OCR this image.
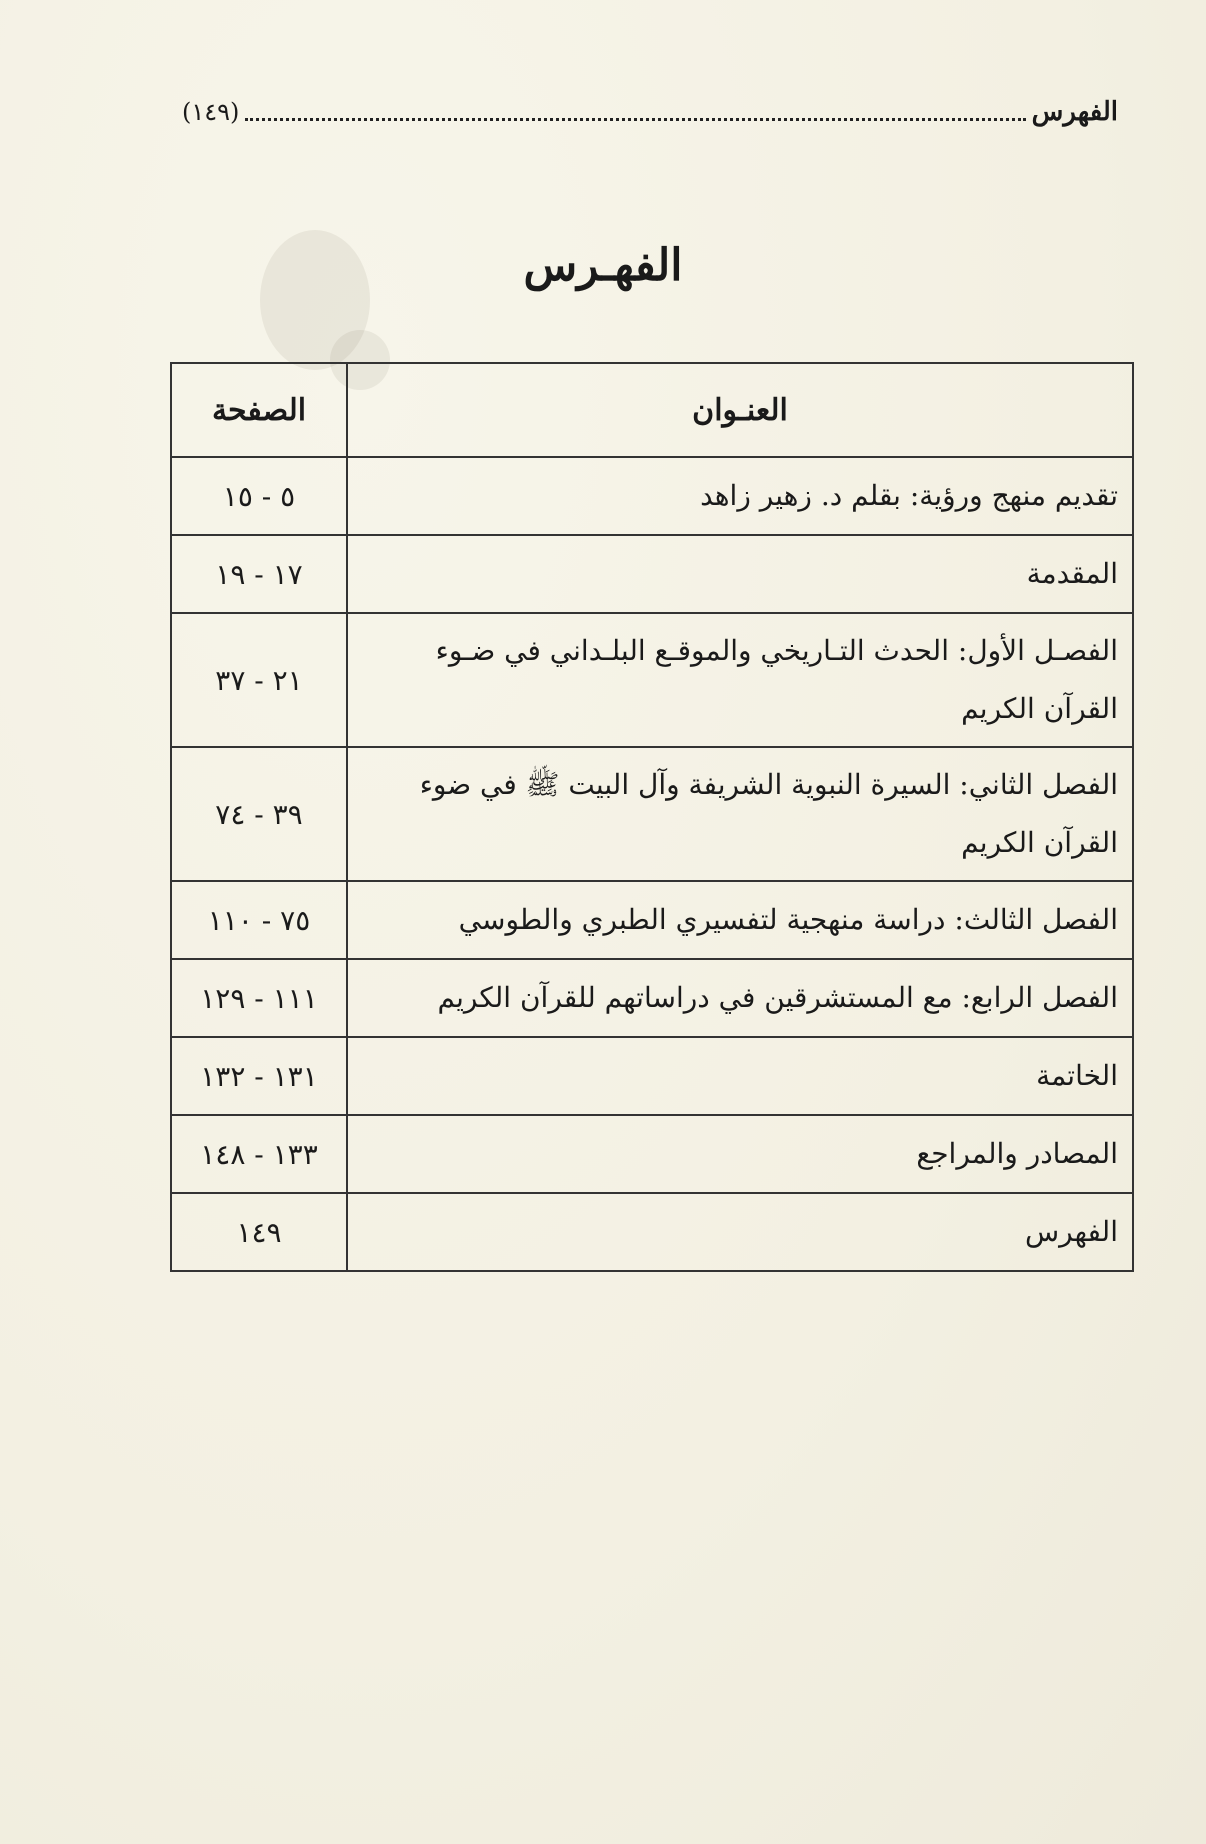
الفهرس
(١٤٩)
الفهـرس
العنـوان	الصفحة
تقديم منهج ورؤية: بقلم د. زهير زاهد	٥ - ١٥
المقدمة	١٧ - ١٩
الفصـل الأول: الحدث التـاريخي والموقـع البلـداني في ضـوء القرآن الكريم	٢١ - ٣٧
الفصل الثاني: السيرة النبوية الشريفة وآل البيت ﷺ في ضوء القرآن الكريم	٣٩ - ٧٤
الفصل الثالث: دراسة منهجية لتفسيري الطبري والطوسي	٧٥ - ١١٠
الفصل الرابع: مع المستشرقين في دراساتهم للقرآن الكريم	١١١ - ١٢٩
الخاتمة	١٣١ - ١٣٢
المصادر والمراجع	١٣٣ - ١٤٨
الفهرس	١٤٩
